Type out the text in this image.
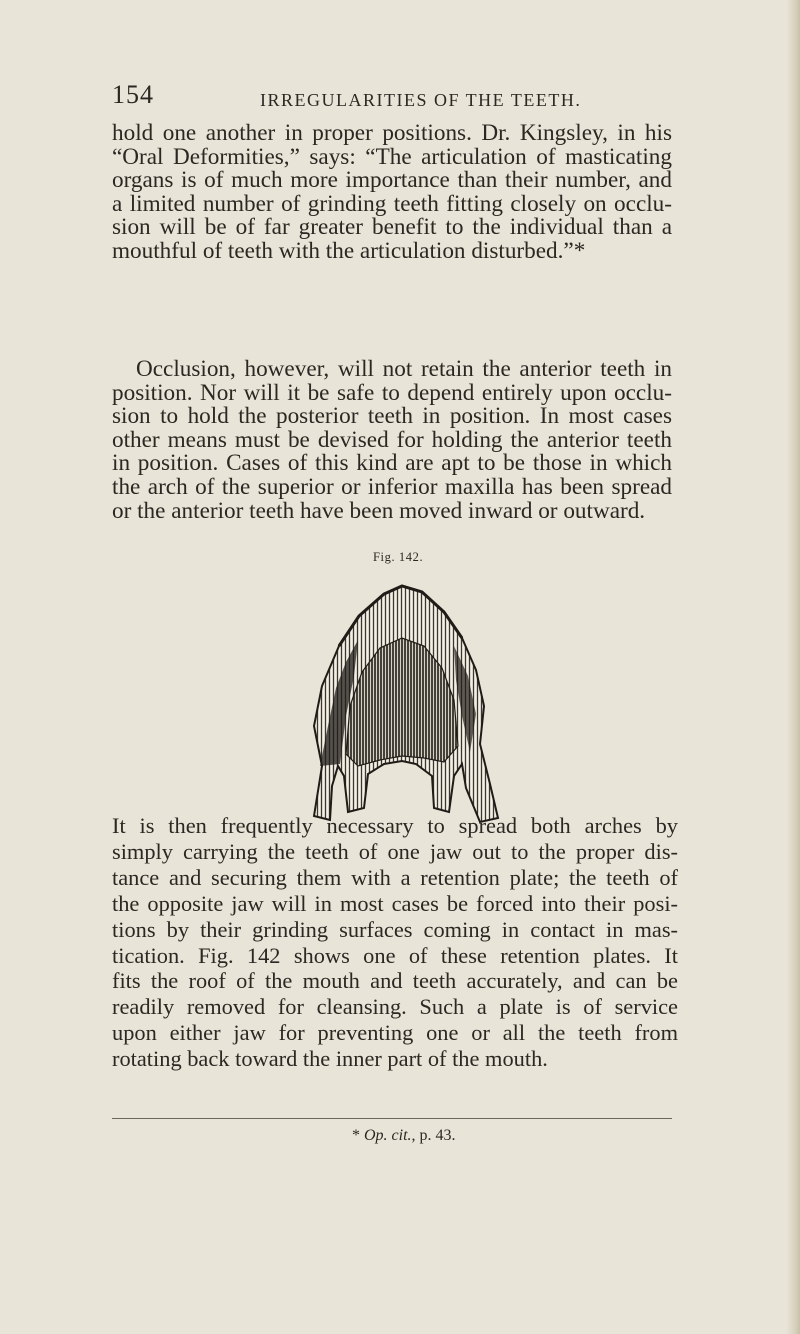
154	IRREGULARITIES OF THE TEETH.

hold one another in proper positions. Dr. Kingsley, in his
“Oral Deformities,” says: “The articulation of masticating
organs is of much more importance than their number, and
a limited number of grinding teeth fitting closely on occlu-
sion will be of far greater benefit to the individual than a
mouthful of teeth with the articulation disturbed.”*

Occlusion, however, will not retain the anterior teeth in
position. Nor will it be safe to depend entirely upon occlu-
sion to hold the posterior teeth in position. In most cases
other means must be devised for holding the anterior teeth
in position. Cases of this kind are apt to be those in which
the arch of the superior or inferior maxilla has been spread
or the anterior teeth have been moved inward or outward.

Fig. 142.

It is then frequently necessary to spread both arches by
simply carrying the teeth of one jaw out to the proper dis-
tance and securing them with a retention plate; the teeth of
the opposite jaw will in most cases be forced into their posi-
tions by their grinding surfaces coming in contact in mas-
tication. Fig. 142 shows one of these retention plates. It
fits the roof of the mouth and teeth accurately, and can be
readily removed for cleansing. Such a plate is of service
upon either jaw for preventing one or all the teeth from
rotating back toward the inner part of the mouth.

* Op. cit., p. 43.
